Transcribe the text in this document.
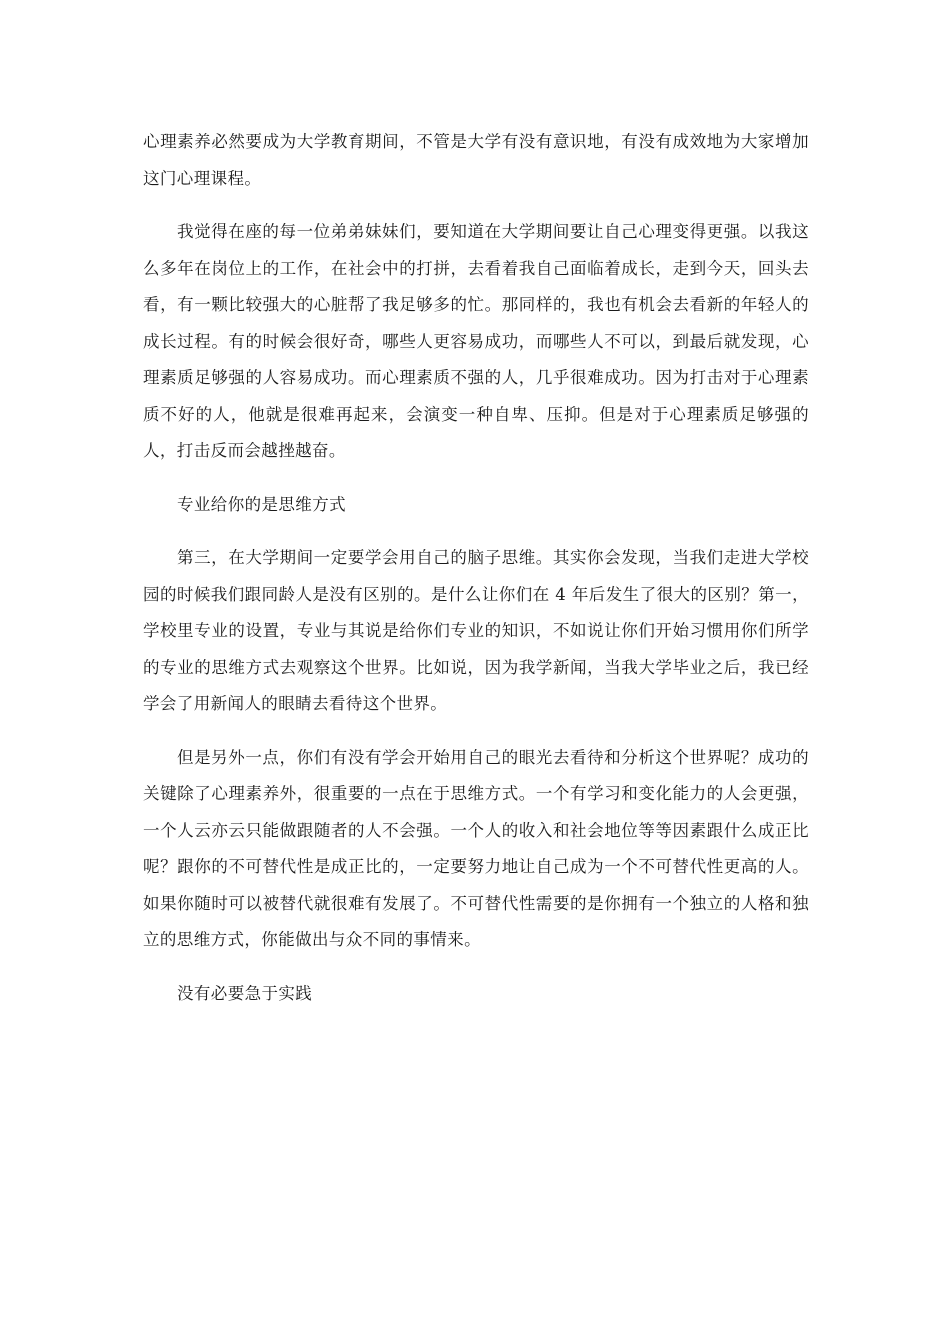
心理素养必然要成为大学教育期间，不管是大学有没有意识地，有没有成效地为大家增加这门心理课程。

我觉得在座的每一位弟弟妹妹们，要知道在大学期间要让自己心理变得更强。以我这么多年在岗位上的工作，在社会中的打拼，去看着我自己面临着成长，走到今天，回头去看，有一颗比较强大的心脏帮了我足够多的忙。那同样的，我也有机会去看新的年轻人的成长过程。有的时候会很好奇，哪些人更容易成功，而哪些人不可以，到最后就发现，心理素质足够强的人容易成功。而心理素质不强的人，几乎很难成功。因为打击对于心理素质不好的人，他就是很难再起来，会演变一种自卑、压抑。但是对于心理素质足够强的人，打击反而会越挫越奋。

专业给你的是思维方式

第三，在大学期间一定要学会用自己的脑子思维。其实你会发现，当我们走进大学校园的时候我们跟同龄人是没有区别的。是什么让你们在 4 年后发生了很大的区别？第一，学校里专业的设置，专业与其说是给你们专业的知识，不如说让你们开始习惯用你们所学的专业的思维方式去观察这个世界。比如说，因为我学新闻，当我大学毕业之后，我已经学会了用新闻人的眼睛去看待这个世界。

但是另外一点，你们有没有学会开始用自己的眼光去看待和分析这个世界呢？成功的关键除了心理素养外，很重要的一点在于思维方式。一个有学习和变化能力的人会更强，一个人云亦云只能做跟随者的人不会强。一个人的收入和社会地位等等因素跟什么成正比呢？跟你的不可替代性是成正比的，一定要努力地让自己成为一个不可替代性更高的人。如果你随时可以被替代就很难有发展了。不可替代性需要的是你拥有一个独立的人格和独立的思维方式，你能做出与众不同的事情来。

没有必要急于实践
